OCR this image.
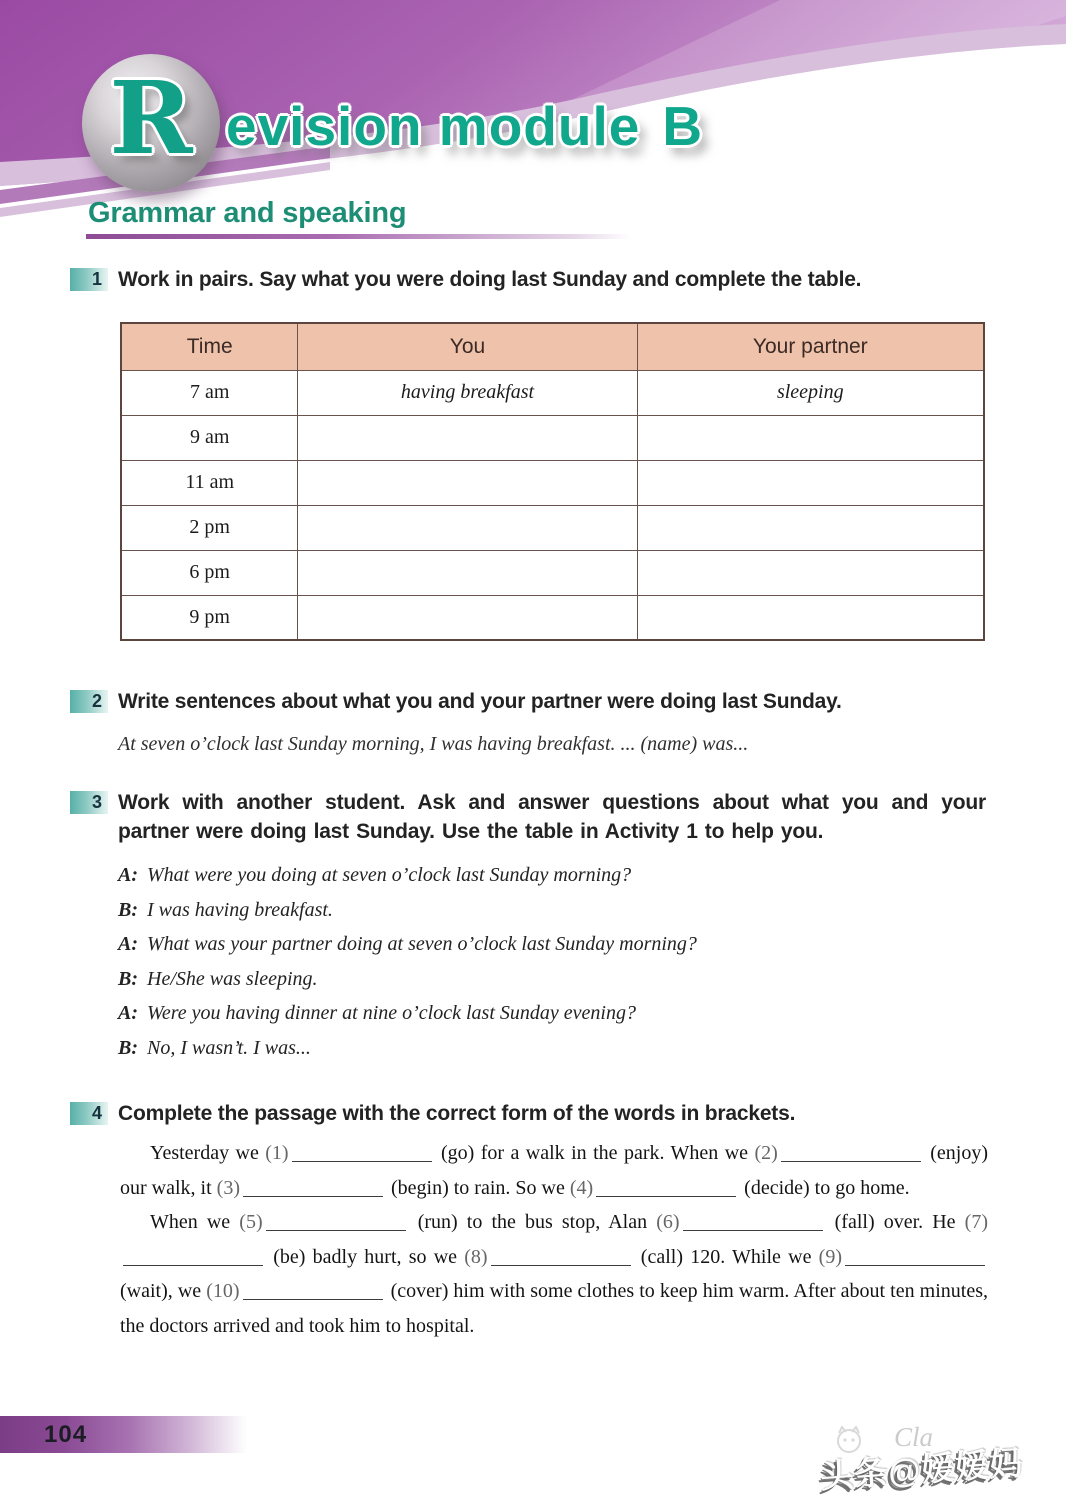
R evision module B
Grammar and speaking
1 Work in pairs. Say what you were doing last Sunday and complete the table.
Time	You	Your partner
7 am	having breakfast	sleeping
9 am		
11 am		
2 pm		
6 pm		
9 pm		
2 Write sentences about what you and your partner were doing last Sunday.
At seven o’clock last Sunday morning, I was having breakfast. ... (name) was...
3 Work with another student. Ask and answer questions about what you and your partner were doing last Sunday. Use the table in Activity 1 to help you.
A: What were you doing at seven o’clock last Sunday morning?
B: I was having breakfast.
A: What was your partner doing at seven o’clock last Sunday morning?
B: He/She was sleeping.
A: Were you having dinner at nine o’clock last Sunday evening?
B: No, I wasn’t. I was...
4 Complete the passage with the correct form of the words in brackets.

Yesterday we (1)	(go) for a walk in the park. When we (2)	(enjoy) our walk, it (3)	(begin) to rain. So we (4)	(decide) to go home.

When we (5)	(run) to the bus stop, Alan (6)	(fall) over. He (7) (be) badly hurt, so we (8)	(call) 120. While we (9) (wait), we (10)	(cover) him with some clothes to keep him warm. After about ten minutes, the doctors arrived and took him to hospital.

104	Cla
头条@嫒嫒妈
